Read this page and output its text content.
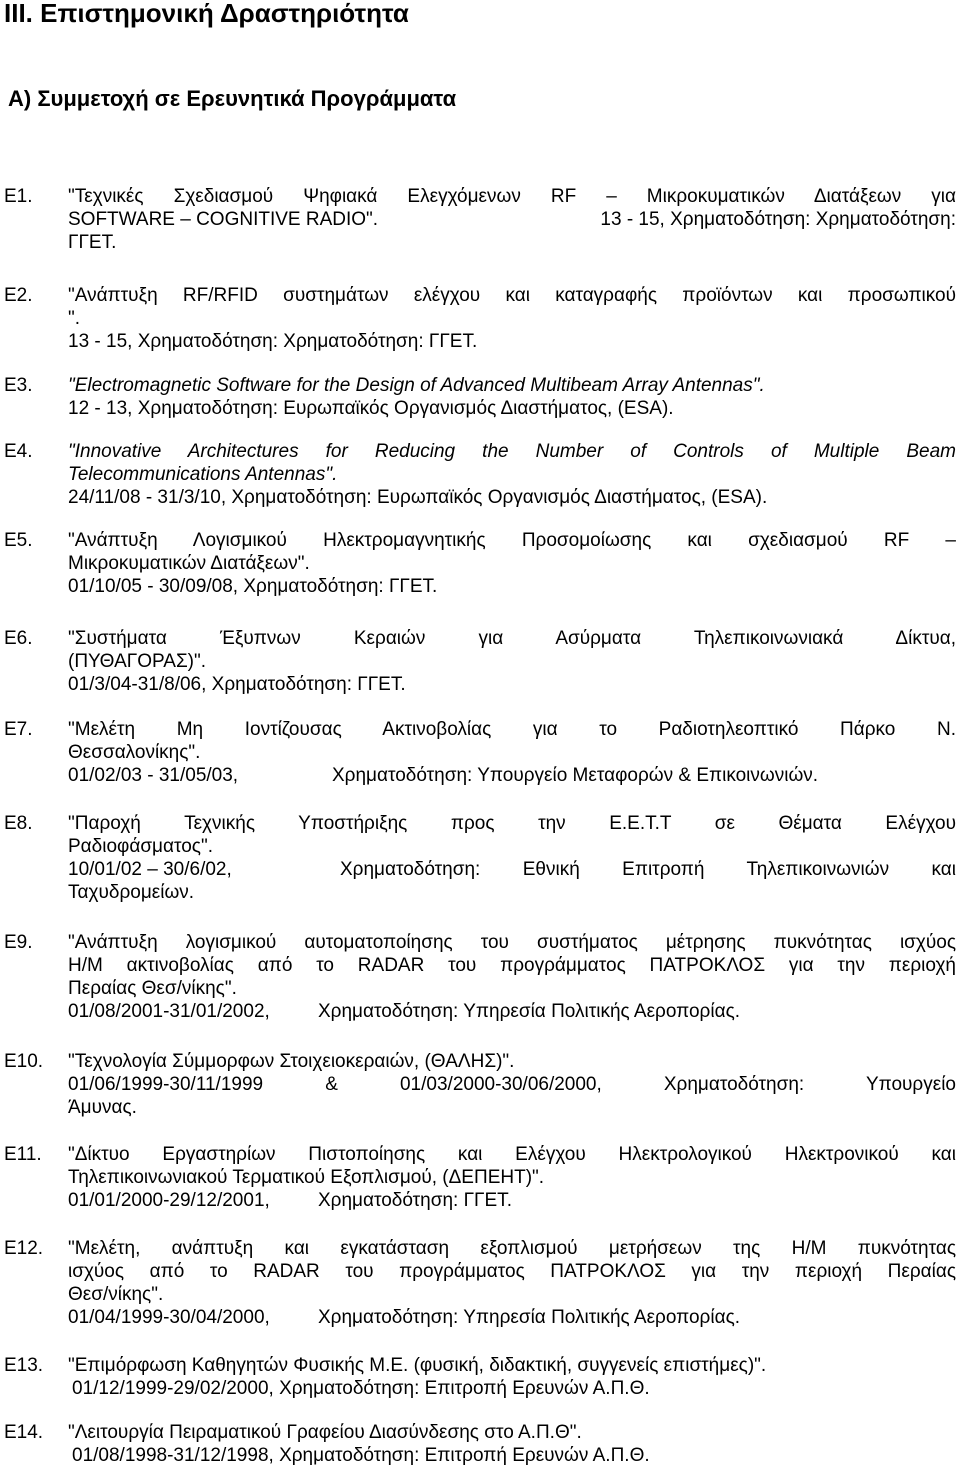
III. Επιστημονική Δραστηριότητα
Α) Συμμετοχή σε Ερευνητικά Προγράμματα
Ε1. "Τεχνικές Σχεδιασμού Ψηφιακά Ελεγχόμενων RF – Μικροκυματικών Διατάξεων για
SOFTWARE – COGNITIVE RADIO".	13 - 15, Χρηματοδότηση: Χρηματοδότηση:
ΓΓΕΤ.
Ε2. "Ανάπτυξη RF/RFID συστημάτων ελέγχου και καταγραφής προϊόντων και προσωπικού
".
13 - 15, Χρηματοδότηση: Χρηματοδότηση: ΓΓΕΤ.
Ε3. "Electromagnetic Software for the Design of Advanced Multibeam Array Antennas".
12 - 13, Χρηματοδότηση: Ευρωπαϊκός Οργανισμός Διαστήματος, (ESA).
Ε4. "Innovative Architectures for Reducing the Number of Controls of Multiple Beam
Telecommunications Antennas".
24/11/08 - 31/3/10, Χρηματοδότηση: Ευρωπαϊκός Οργανισμός Διαστήματος, (ESA).
Ε5. "Ανάπτυξη Λογισμικού Ηλεκτρομαγνητικής Προσομοίωσης και σχεδιασμού RF –
Μικροκυματικών Διατάξεων".
01/10/05 - 30/09/08, Χρηματοδότηση: ΓΓΕΤ.
Ε6. "Συστήματα Έξυπνων Κεραιών για Ασύρματα Τηλεπικοινωνιακά Δίκτυα,
(ΠΥΘΑΓΟΡΑΣ)".
01/3/04-31/8/06, Χρηματοδότηση: ΓΓΕΤ.
Ε7. "Μελέτη Μη Ιοντίζουσας Ακτινοβολίας για το Ραδιοτηλεοπτικό Πάρκο Ν.
Θεσσαλονίκης".
01/02/03 - 31/05/03,	Χρηματοδότηση: Υπουργείο Μεταφορών & Επικοινωνιών.
Ε8. "Παροχή Τεχνικής Υποστήριξης προς την Ε.Ε.Τ.Τ σε Θέματα Ελέγχου
Ραδιοφάσματος".
10/01/02 – 30/6/02,	Χρηματοδότηση: Εθνική Επιτροπή Τηλεπικοινωνιών και
Ταχυδρομείων.
Ε9. "Ανάπτυξη λογισμικού αυτοματοποίησης του συστήματος μέτρησης πυκνότητας ισχύος
Η/Μ ακτινοβολίας από το RADAR του προγράμματος ΠΑΤΡΟΚΛΟΣ για την περιοχή
Περαίας Θεσ/νίκης".
01/08/2001-31/01/2002,	Χρηματοδότηση: Υπηρεσία Πολιτικής Αεροπορίας.
Ε10. "Τεχνολογία Σύμμορφων Στοιχειοκεραιών, (ΘΑΛΗΣ)".
01/06/1999-30/11/1999 & 01/03/2000-30/06/2000, Χρηματοδότηση: Υπουργείο
Άμυνας.
Ε11. "Δίκτυο Εργαστηρίων Πιστοποίησης και Ελέγχου Ηλεκτρολογικού Ηλεκτρονικού και
Τηλεπικοινωνιακού Τερματικού Εξοπλισμού, (ΔΕΠΕΗΤ)".
01/01/2000-29/12/2001,	Χρηματοδότηση: ΓΓΕΤ.
Ε12. "Μελέτη, ανάπτυξη και εγκατάσταση εξοπλισμού μετρήσεων της Η/Μ πυκνότητας
ισχύος από το RADAR του προγράμματος ΠΑΤΡΟΚΛΟΣ για την περιοχή Περαίας
Θεσ/νίκης".
01/04/1999-30/04/2000,	Χρηματοδότηση: Υπηρεσία Πολιτικής Αεροπορίας.
Ε13. "Επιμόρφωση Καθηγητών Φυσικής Μ.Ε. (φυσική, διδακτική, συγγενείς επιστήμες)".
01/12/1999-29/02/2000, Χρηματοδότηση: Επιτροπή Ερευνών Α.Π.Θ.
Ε14. "Λειτουργία Πειραματικού Γραφείου Διασύνδεσης στο Α.Π.Θ".
01/08/1998-31/12/1998, Χρηματοδότηση: Επιτροπή Ερευνών Α.Π.Θ.
